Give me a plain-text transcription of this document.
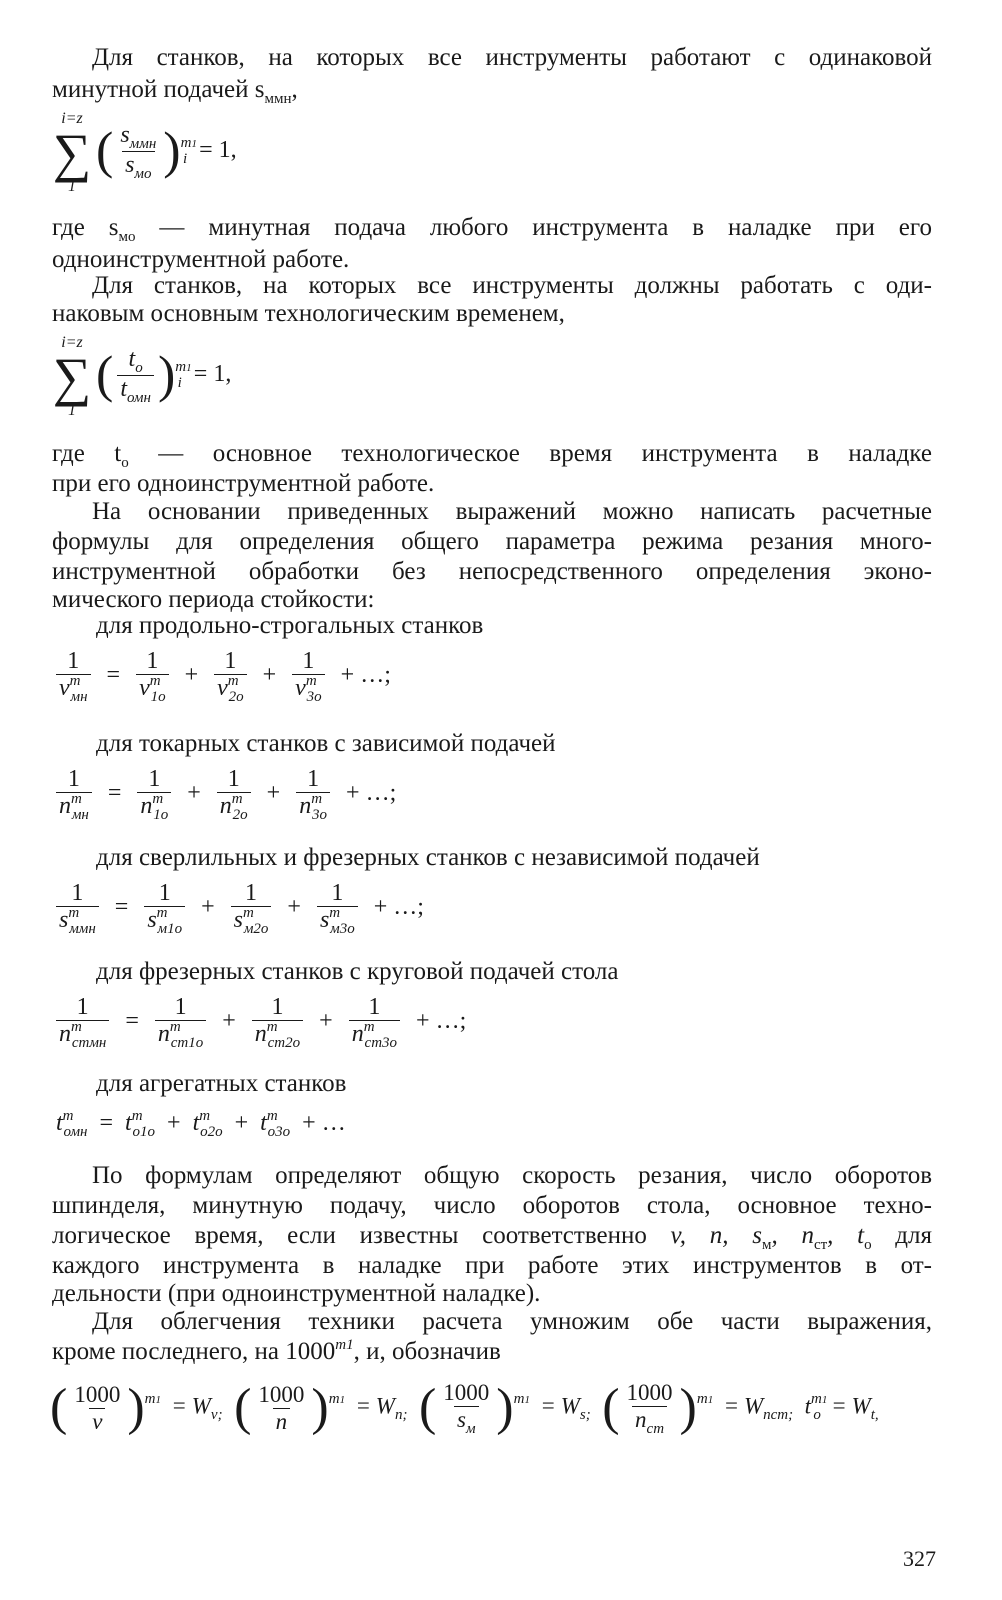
Для станков, на которых все инструменты работают с одинаковой
минутной подачей $s_{ммн}$,
i=z
∑
1
( $\frac{s_{ммн}}{s_{мо}} )^{m1}_i = 1$,
где $s_{мо}$ — минутная подача любого инструмента в наладке при его
одноинструментной работе.
Для станков, на которых все инструменты должны работать с оди-
наковым основным технологическим временем,
i=z
∑
1
( $\frac{t_о}{t_{омн}} )^{m1}_i = 1$,
где $t_о$ — основное технологическое время инструмента в наладке
при его одноинструментной работе.
На основании приведенных выражений можно написать расчетные
формулы для определения общего параметра режима резания много-
инструментной обработки без непосредственного определения эконо-
мического периода стойкости:
для продольно-строгальных станков
$\frac{1}{v^m_{мн}} = \frac{1}{v^m_{1о}} + \frac{1}{v^m_{2о}} + \frac{1}{v^m_{3о}}$ + …;
для токарных станков с зависимой подачей
$\frac{1}{n^m_{мн}} = \frac{1}{n^m_{1о}} + \frac{1}{n^m_{2о}} + \frac{1}{n^m_{3о}}$ + …;
для сверлильных и фрезерных станков с независимой подачей
$\frac{1}{s^m_{ммн}} = \frac{1}{s^m_{м1о}} + \frac{1}{s^m_{м2о}} + \frac{1}{s^m_{м3о}}$ + …;
для фрезерных станков с круговой подачей стола
$\frac{1}{n^m_{стмн}} = \frac{1}{n^m_{ст1о}} + \frac{1}{n^m_{ст2о}} + \frac{1}{n^m_{ст3о}}$ + …;
для агрегатных станков
$t^m_{омн} = t^m_{о1о} + t^m_{о2о} + t^m_{о3о}$ + …
По формулам определяют общую скорость резания, число оборотов
шпинделя, минутную подачу, число оборотов стола, основное техно-
логическое время, если известны соответственно v, n, $s_м$, $n_{ст}$, $t_о$ для
каждого инструмента в наладке при работе этих инструментов в от-
дельности (при одноинструментной наладке).
Для облегчения техники расчета умножим обе части выражения,
кроме последнего, на $1000^{m1}$, и, обозначив
( $\frac{1000}{v} )^{m1} = W_{v;}$ ( $\frac{1000}{n} )^{m1} = W_{n;}$ ( $\frac{1000}{s_м} )^{m1} = W_{s;}$ ( $\frac{1000}{n_{ст}} )^{m1} = W_{nст;}$ $t^{m1}_о = W_{t,}$
327
